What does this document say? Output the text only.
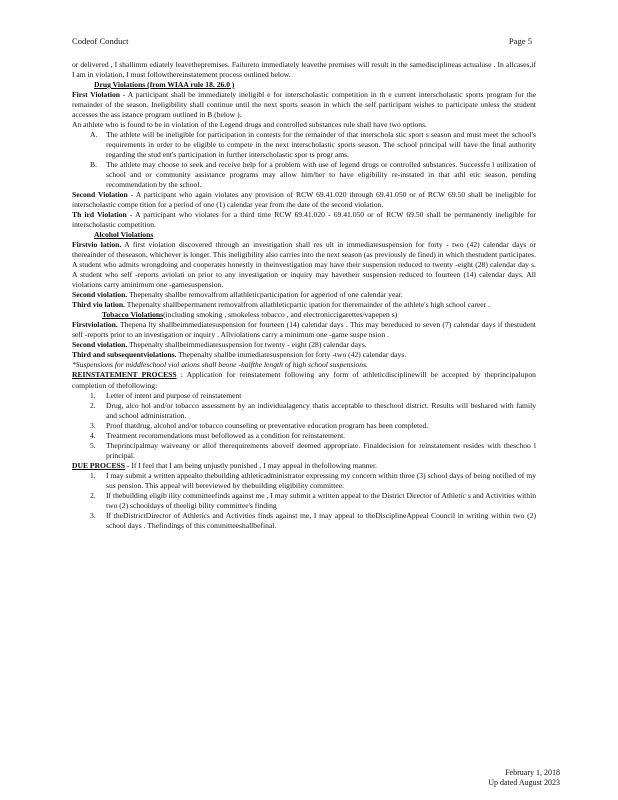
Codeof Conduct	Page 5

or delivered , I shallimm ediately leavethepremises. Failureto immediately leavethe premises will result in the samedisciplineas actualuse . In allcases,if I am in violation, I must followthereinstatement process outlined below.

Drug Violations (from WIAA rule 18. 26.0 )

First Violation - A participant shall be immediately ineligibl e for interscholastic competition in th e current interscholastic sports program for the remainder of the season. Ineligibility shall continue until the next sports season in which the self participant wishes to participate unless the student accesses the ass istance program outlined in B (below ).

An athlete who is found to be in violation of the Legend drugs and controlled substances rule shall have two options.

A. The athlete will be ineligible for participation in contests for the remainder of that interschola stic sport s season and must meet the school's requirements in order to be eligible to compete in the next interscholastic sports season. The school principal will have the final authority regarding the stud ent's participation in further interscholastic spor ts progr ams.
B. The athlete may choose to seek and receive help for a problem with use of legend drugs or controlled substances. Successfu l utilization of school and or community assistance programs may allow him/her to have eligibility re-instated in that athl etic season, pending recommendation by the school.

Second Violation - A participant who again violates any provision of RCW 69.41.020 through 69.41.050 or of RCW 69.50 shall be ineligible for interscholastic compe tition for a period of one (1) calendar year from the date of the second violation.

Th ird Violation - A participant who violates for a third time RCW 69.41.020 - 69.41.050 or of RCW 69.50 shall be permanently ineligible for interscholastic competition.

Alcohol Violations

Firstvio lation. A first violation discovered through an investigation shall res ult in immediatesuspension for forty - two (42) calendar days or thereainder of theseason, whichever is longer. This ineligibility also carries into the next season (as previously de fined) in which thestudent participates. A student who admits wrongdoing and cooperates honestly in theinvestigation may have their suspension reduced to twenty -eight (28) calendar day s. A student who self -reports aviolati on prior to any investigation or inquiry may havetheir suspension reduced to fourteen (14) calendar days. All violations carry aminimum one -gamesuspension.

Second violation. Thepenalty shallbe removalfrom allathleticparticipation for agperiod of one calendar year.

Third vio lation. Thepenalty shallbepermanent removalfrom allathleticpartic ipation for theremainder of the athlete's high school career .

Tobacco Violations(including smoking , smokeless tobacco , and electroniccigarettes/vapepen s)

Firstviolation. Thepena lty shallbeimmediatesuspension for fourteen (14) calendar days . This may bereduced to seven (7) calendar days if thestudent self -reports prior to an investigation or inquiry . Allviolations carry a minimum one -game suspe nsion .

Second violation. Thepenalty shallbeimmediatesuspension for twenty - eight (28) calendar days.

Third and subsequentviolations. Thepenalty shallbe immediatesuspension for forty -two (42) calendar days.

*Suspensions for middleschool viol ations shall beone -halfthe length of high school suspensions.

REINSTATEMENT PROCESS : Application for reinstatement following any form of athleticdisciplinewill be accepted by theprincipalupon completion of thefollowing:

1. Letter of intent and purpose of reinstatement
2. Drug, alco hol and/or tobacco assessment by an individualagency thatis acceptable to theschool district. Results will beshared with family and school administration.
3. Proof thatdrug, alcohol and/or tobacco counseling or preventative education program has been completed.
4. Treatment recommendations must befollowed as a condition for reinstatement.
5. Theprincipalmay waiveany or allof therequirements aboveif deemed appropriate. Finaldecision for reinstatement resides with theschoo l principal.

DUE PROCESS - If I feel that I am being unjustly punished , I may appeal in thefollowing manner.

1. I may submit a written appealto thebuilding athleticadministrator expressing my concern within three (3) school days of being notified of my sus pension. This appeal will bereviewed by thebuilding eligibility committee.
2. If thebuilding eligib ility committeefinds against me , I may submit a written appeal to the District Director of Athletic s and Activities within two (2) schooldays of theeligi bility committee's finding
3. If theDistrictDirector of Athletics and Activities finds against me, I may appeal to theDisciplineAppeal Council in writing within two (2) school days . Thefindings of this committeeshallbefinal.
February 1, 2018
Up dated August 2023
